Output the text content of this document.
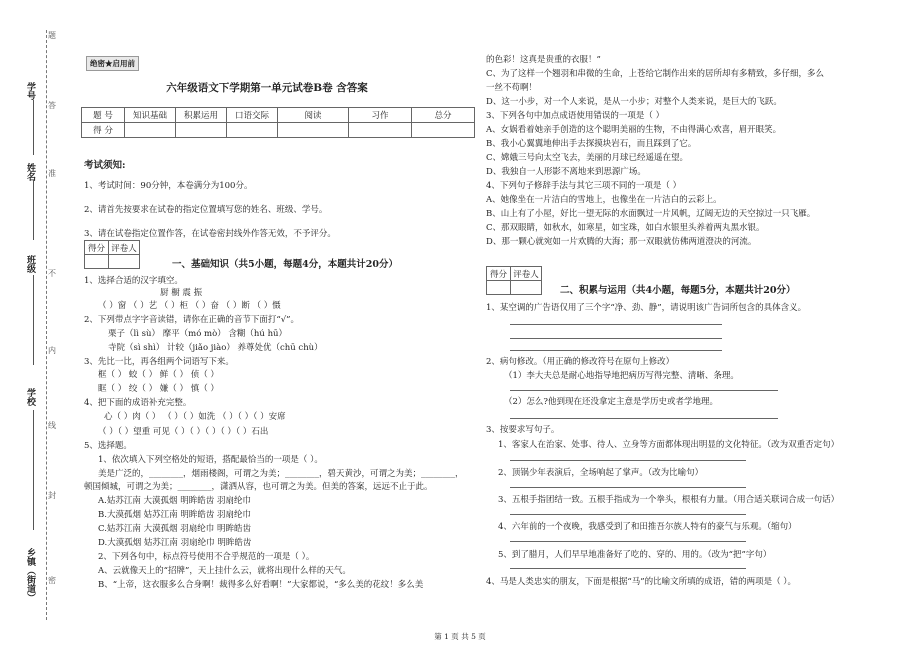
学号
姓名
班级
学校
乡镇（街道）
题
答
准
不
内
线
封
密
绝密★启用前
六年级语文下学期第一单元试卷B卷 含答案
题 号	知识基础	积累运用	口语交际	阅读	习作	总分
得 分						
考试须知:
1、考试时间：90分钟，本卷满分为100分。
2、请首先按要求在试卷的指定位置填写您的姓名、班级、学号。
3、请在试卷指定位置作答，在试卷密封线外作答无效，不予评分。
得分	评卷人

一、基础知识（共5小题，每题4分，本题共计20分）
1、选择合适的汉字填空。
厨 橱 震 振
（ ）窗 （ ）艺 （ ）柜 （ ）奋 （ ）断 （ ）慑
2、下列带点字字音读错，请你在正确的音节下面打“√”。
栗子（lì sù） 摩平（mó mò） 含糊（hú hū）
寺院（sì shì） 计较（jiǎo jiào） 养尊处优（chū chù）
3、先比一比，再各组两个词语写下来。
框（ ） 蛟（ ） 鲜（ ） 侦（ ）
眶（ ） 绞（ ） 嫌（ ） 慎（ ）
4、把下面的成语补充完整。
心（ ）肉（ ） （ ）（ ）如洗 （ ）（ ）（ ）安席
（ ）（ ）望重 可见（ ）（ ）（ ）（ ）（ ）石出
5、选择题。
1、依次填入下列空格处的短语，搭配最恰当的一项是（ ）。
美是广泛的，________，烟雨楼阁，可谓之为美；________，碧天黄沙，可谓之为美；________，
顿国倾城，可谓之为美；________，潇洒从容，也可谓之为美。但美的答案，远远不止于此。
A.姑苏江南 大漠孤烟 明眸皓齿 羽扇纶巾
B.大漠孤烟 姑苏江南 明眸皓齿 羽扇纶巾
C.姑苏江南 大漠孤烟 羽扇纶巾 明眸皓齿
D.大漠孤烟 姑苏江南 羽扇纶巾 明眸皓齿
2、下列各句中，标点符号使用不合乎规范的一项是（ ）。
A、云就像天上的“招牌”，天上挂什么云，就将出现什么样的天气。
B、“上帝，这衣服多么合身啊！裁得多么好看啊！”大家都说，“多么美的花纹！多么美
的色彩！这真是贵重的衣服！”
C、为了这样一个翘羽和串微的生命，上苍给它制作出来的居所却有多精致，多仔细，多么
一丝不苟啊！
D、这一小步，对一个人来说，是从一小步；对整个人类来说，是巨大的飞跃。
3、下列各句中加点成语使用错误的一项是（ ）
A、女娲看着她亲手创造的这个聪明美丽的生物，不由得满心欢喜，眉开眼笑。
B、我小心翼翼地伸出手去探摸块岩石，而且踩到了它。
C、嫦娥三号向太空飞去，美丽的月球已经遥遥在望。
D、我独自一人形影不离地来到思源广场。
4、下列句子修辞手法与其它三项不同的一项是（ ）
A、她像坐在一片洁白的雪地上，也像坐在一片洁白的云彩上。
B、山上有了小屋，好比一望无际的水面飘过一片风帆，辽阔无边的天空掠过一只飞雁。
C、那双眼睛，如秋水，如寒星，如宝珠，如白水银里头养着两丸黑水银。
D、那一颗心就宛如一片欢腾的大海；那一双眼就仿佛两道澄决的河流。
得分	评卷人

二、积累与运用（共4小题，每题5分，本题共计20分）
1、某空调的广告语仅用了三个字“净、劲、静”，请说明该广告词所包含的具体含义。
2、病句修改。（用正确的修改符号在原句上修改）
（1）李大夫总是耐心地指导地把病历写得完整、清晰、条理。
（2）怎么?他到现在还没拿定主意是学历史或者学地理。
3、按要求写句子。
1、客家人在治家、处事、待人、立身等方面都体现出明显的文化特征。（改为双重否定句）
2、顶锅少年表演后，全场响起了掌声。（改为比喻句）
3、五根手指团结一致。五根手指成为一个拳头，根根有力量。（用合适关联词合成一句话）
4、六年前的一个夜晚，我感受到了和田推吾尔族人特有的豪气与乐观。（缩句）
5、到了腊月，人们早早地准备好了吃的、穿的、用的。（改为“把”字句）
4、马是人类忠实的朋友，下面是根据“马”的比喻文所填的成语，错的两项是（ ）。
第 1 页 共 5 页
